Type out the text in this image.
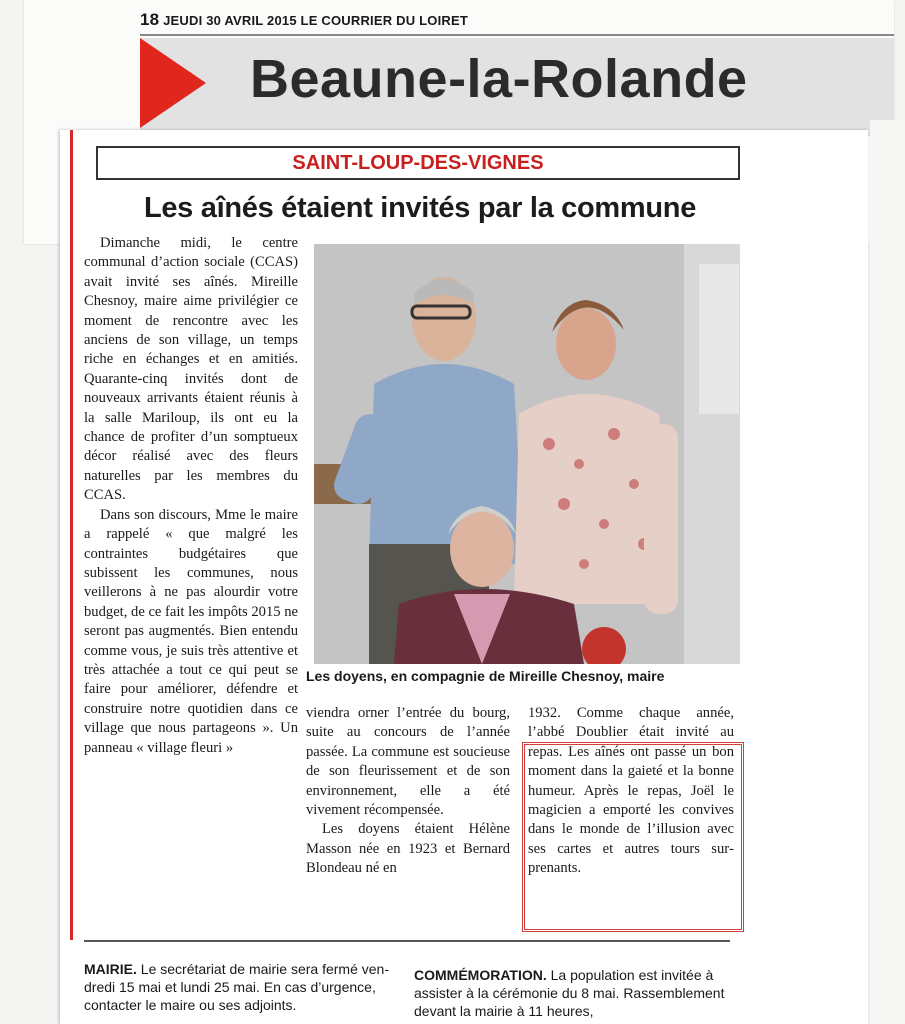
18 JEUDI 30 AVRIL 2015 LE COURRIER DU LOIRET
Beaune-la-Rolande
SAINT-LOUP-DES-VIGNES
Les aînés étaient invités par la commune

Dimanche midi, le centre communal d’action sociale (CCAS) avait invité ses aînés. Mireille Chesnoy, maire aime privilégier ce moment de rencontre avec les anciens de son village, un temps riche en échanges et en amitiés. Quarante-cinq invités dont de nouveaux arrivants étaient réunis à la salle Mariloup, ils ont eu la chance de profiter d’un somptueux décor réalisé avec des fleurs naturelles par les membres du CCAS.

Dans son discours, Mme le maire a rappelé « que malgré les contraintes budgétaires que subissent les communes, nous veillerons à ne pas alourdir votre budget, de ce fait les impôts 2015 ne seront pas augmentés. Bien entendu comme vous, je suis très attentive et très attachée a tout ce qui peut se faire pour améliorer, défendre et construire notre quotidien dans ce village que nous partageons ». Un panneau « village fleuri »

Les doyens, en compagnie de Mireille Chesnoy, maire

viendra orner l’entrée du bourg, suite au concours de l’année passée. La commune est soucieuse de son fleurissement et de son environnement, elle a été vivement récompensée.

Les doyens étaient Hélène Masson née en 1923 et Bernard Blondeau né en

1932. Comme chaque année, l’abbé Doublier était invité au repas. Les aînés ont passé un bon moment dans la gaieté et la bonne humeur. Après le repas, Joël le magicien a emporté les convives dans le monde de l’illusion avec ses cartes et autres tours surprenants.

MAIRIE. Le secrétariat de mairie sera fermé vendredi 15 mai et lundi 25 mai. En cas d’urgence, contacter le maire ou ses adjoints.
COMMÉMORATION. La population est invitée à assister à la cérémonie du 8 mai. Rassemblement devant la mairie à 11 heures,
